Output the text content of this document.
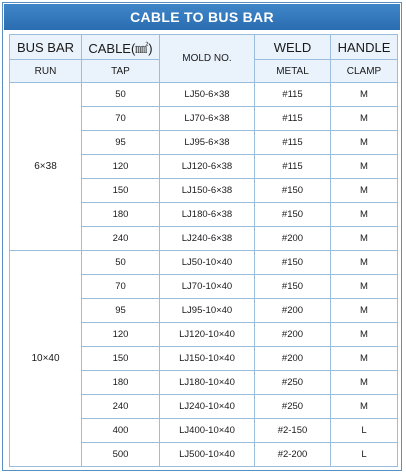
CABLE TO BUS BAR
BUS BAR	CABLE(㎟)	MOLD NO.	WELD	HANDLE
RUN	TAP		METAL	CLAMP
6×38	50	LJ50-6×38	#115	M
	70	LJ70-6×38	#115	M
	95	LJ95-6×38	#115	M
	120	LJ120-6×38	#115	M
	150	LJ150-6×38	#150	M
	180	LJ180-6×38	#150	M
	240	LJ240-6×38	#200	M
10×40	50	LJ50-10×40	#150	M
	70	LJ70-10×40	#150	M
	95	LJ95-10×40	#200	M
	120	LJ120-10×40	#200	M
	150	LJ150-10×40	#200	M
	180	LJ180-10×40	#250	M
	240	LJ240-10×40	#250	M
	400	LJ400-10×40	#2-150	L
	500	LJ500-10×40	#2-200	L
